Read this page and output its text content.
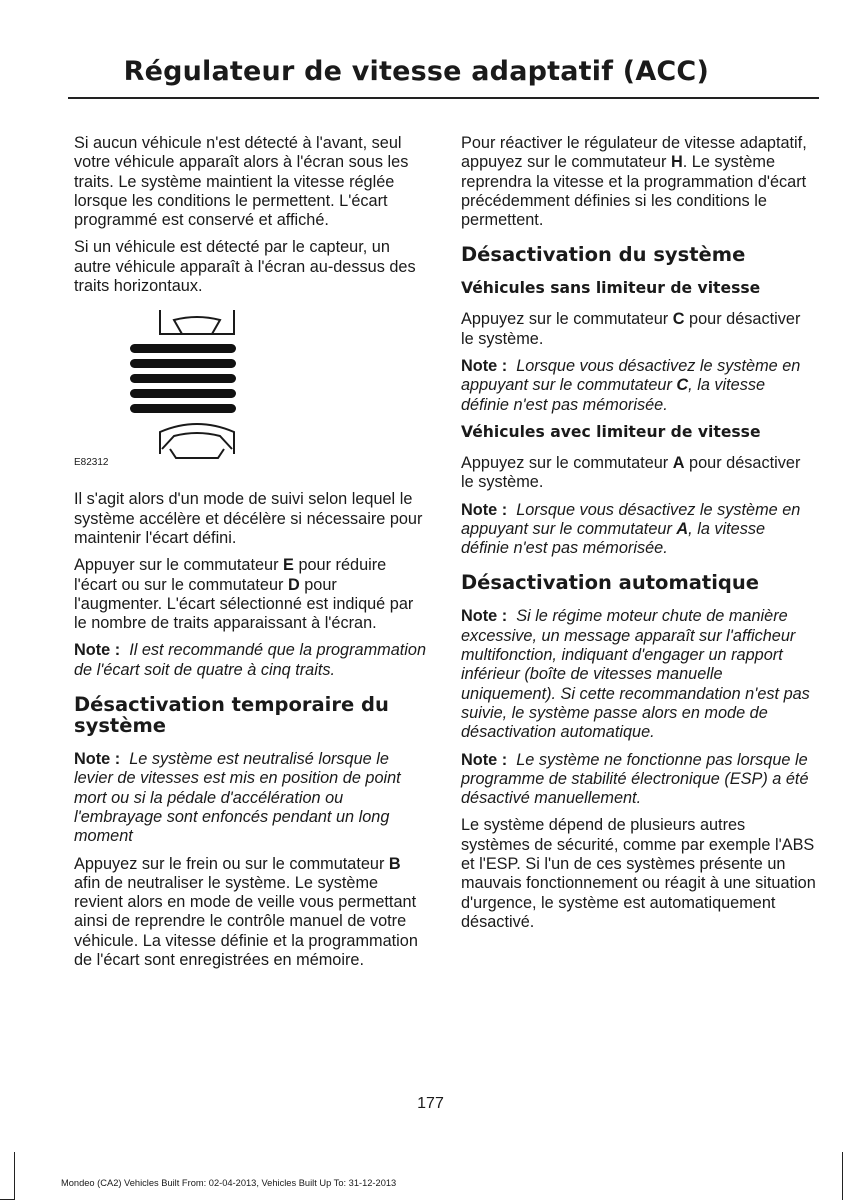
Régulateur de vitesse adaptatif (ACC)

Si aucun véhicule n'est détecté à l'avant, seul votre véhicule apparaît alors à l'écran sous les traits. Le système maintient la vitesse réglée lorsque les conditions le permettent. L'écart programmé est conservé et affiché.

Si un véhicule est détecté par le capteur, un autre véhicule apparaît à l'écran au-dessus des traits horizontaux.

E82312

Il s'agit alors d'un mode de suivi selon lequel le système accélère et décélère si nécessaire pour maintenir l'écart défini.

Appuyer sur le commutateur E pour réduire l'écart ou sur le commutateur D pour l'augmenter. L'écart sélectionné est indiqué par le nombre de traits apparaissant à l'écran.

Note : Il est recommandé que la programmation de l'écart soit de quatre à cinq traits.

Désactivation temporaire du système

Note : Le système est neutralisé lorsque le levier de vitesses est mis en position de point mort ou si la pédale d'accélération ou l'embrayage sont enfoncés pendant un long moment

Appuyez sur le frein ou sur le commutateur B afin de neutraliser le système. Le système revient alors en mode de veille vous permettant ainsi de reprendre le contrôle manuel de votre véhicule. La vitesse définie et la programmation de l'écart sont enregistrées en mémoire.

Pour réactiver le régulateur de vitesse adaptatif, appuyez sur le commutateur H. Le système reprendra la vitesse et la programmation d'écart précédemment définies si les conditions le permettent.

Désactivation du système
Véhicules sans limiteur de vitesse

Appuyez sur le commutateur C pour désactiver le système.

Note : Lorsque vous désactivez le système en appuyant sur le commutateur C, la vitesse définie n'est pas mémorisée.

Véhicules avec limiteur de vitesse

Appuyez sur le commutateur A pour désactiver le système.

Note : Lorsque vous désactivez le système en appuyant sur le commutateur A, la vitesse définie n'est pas mémorisée.

Désactivation automatique

Note : Si le régime moteur chute de manière excessive, un message apparaît sur l'afficheur multifonction, indiquant d'engager un rapport inférieur (boîte de vitesses manuelle uniquement). Si cette recommandation n'est pas suivie, le système passe alors en mode de désactivation automatique.

Note : Le système ne fonctionne pas lorsque le programme de stabilité électronique (ESP) a été désactivé manuellement.

Le système dépend de plusieurs autres systèmes de sécurité, comme par exemple l'ABS et l'ESP. Si l'un de ces systèmes présente un mauvais fonctionnement ou réagit à une situation d'urgence, le système est automatiquement désactivé.

177
Mondeo (CA2) Vehicles Built From: 02-04-2013, Vehicles Built Up To: 31-12-2013
